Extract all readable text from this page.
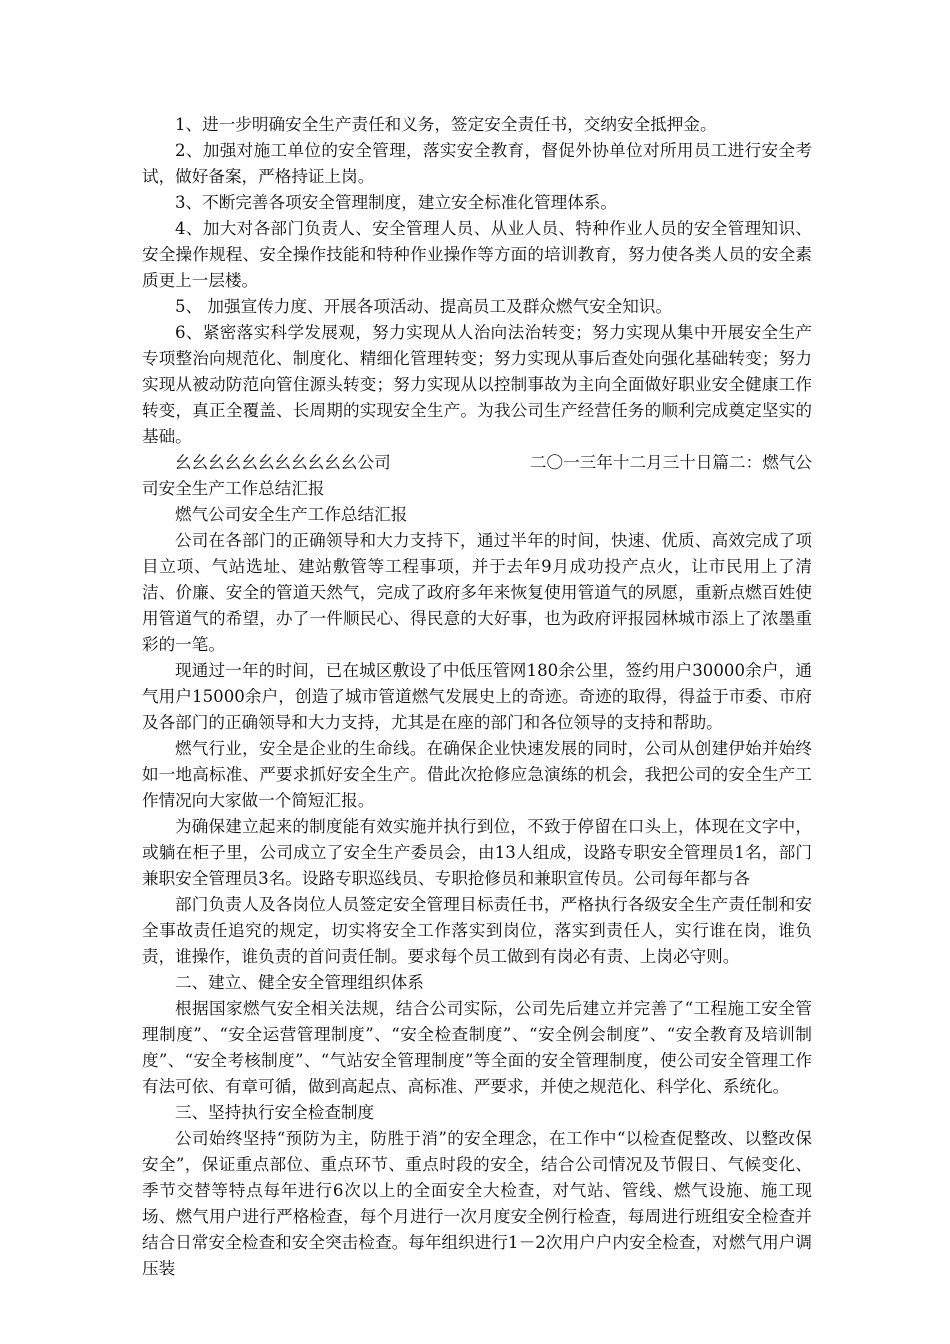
1、进一步明确安全生产责任和义务，签定安全责任书，交纳安全抵押金。

2、加强对施工单位的安全管理，落实安全教育，督促外协单位对所用员工进行安全考试，做好备案，严格持证上岗。

3、不断完善各项安全管理制度，建立安全标准化管理体系。

4、加大对各部门负责人、安全管理人员、从业人员、特种作业人员的安全管理知识、安全操作规程、安全操作技能和特种作业操作等方面的培训教育，努力使各类人员的安全素质更上一层楼。

5、 加强宣传力度、开展各项活动、提高员工及群众燃气安全知识。

6、紧密落实科学发展观，努力实现从人治向法治转变；努力实现从集中开展安全生产专项整治向规范化、制度化、精细化管理转变；努力实现从事后查处向强化基础转变；努力实现从被动防范向管住源头转变；努力实现从以控制事故为主向全面做好职业安全健康工作转变，真正全覆盖、长周期的实现安全生产。为我公司生产经营任务的顺利完成奠定坚实的基础。

幺幺幺幺幺幺幺幺幺幺幺公司	二〇一三年十二月三十日篇二：燃气公
司安全生产工作总结汇报

燃气公司安全生产工作总结汇报

公司在各部门的正确领导和大力支持下，通过半年的时间，快速、优质、高效完成了项目立项、气站选址、建站敷管等工程事项，并于去年9月成功投产点火，让市民用上了清洁、价廉、安全的管道天然气，完成了政府多年来恢复使用管道气的夙愿，重新点燃百姓使用管道气的希望，办了一件顺民心、得民意的大好事，也为政府评报园林城市添上了浓墨重彩的一笔。

现通过一年的时间，已在城区敷设了中低压管网180余公里，签约用户30000余户，通气用户15000余户，创造了城市管道燃气发展史上的奇迹。奇迹的取得，得益于市委、市府及各部门的正确领导和大力支持，尤其是在座的部门和各位领导的支持和帮助。

燃气行业，安全是企业的生命线。在确保企业快速发展的同时，公司从创建伊始并始终如一地高标准、严要求抓好安全生产。借此次抢修应急演练的机会，我把公司的安全生产工作情况向大家做一个简短汇报。

为确保建立起来的制度能有效实施并执行到位，不致于停留在口头上，体现在文字中，或躺在柜子里，公司成立了安全生产委员会，由13人组成，设路专职安全管理员1名，部门兼职安全管理员3名。设路专职巡线员、专职抢修员和兼职宣传员。公司每年都与各

部门负责人及各岗位人员签定安全管理目标责任书，严格执行各级安全生产责任制和安全事故责任追究的规定，切实将安全工作落实到岗位，落实到责任人，实行谁在岗，谁负责，谁操作，谁负责的首问责任制。要求每个员工做到有岗必有责、上岗必守则。

二、建立、健全安全管理组织体系

根据国家燃气安全相关法规，结合公司实际，公司先后建立并完善了“工程施工安全管理制度”、“安全运营管理制度”、“安全检查制度”、“安全例会制度”、“安全教育及培训制度”、“安全考核制度”、“气站安全管理制度”等全面的安全管理制度，使公司安全管理工作有法可依、有章可循，做到高起点、高标准、严要求，并使之规范化、科学化、系统化。

三、坚持执行安全检查制度

公司始终坚持“预防为主，防胜于消”的安全理念，在工作中“以检查促整改、以整改保安全”，保证重点部位、重点环节、重点时段的安全，结合公司情况及节假日、气候变化、季节交替等特点每年进行6次以上的全面安全大检查，对气站、管线、燃气设施、施工现场、燃气用户进行严格检查，每个月进行一次月度安全例行检查，每周进行班组安全检查并结合日常安全检查和安全突击检查。每年组织进行1－2次用户户内安全检查，对燃气用户调压装
